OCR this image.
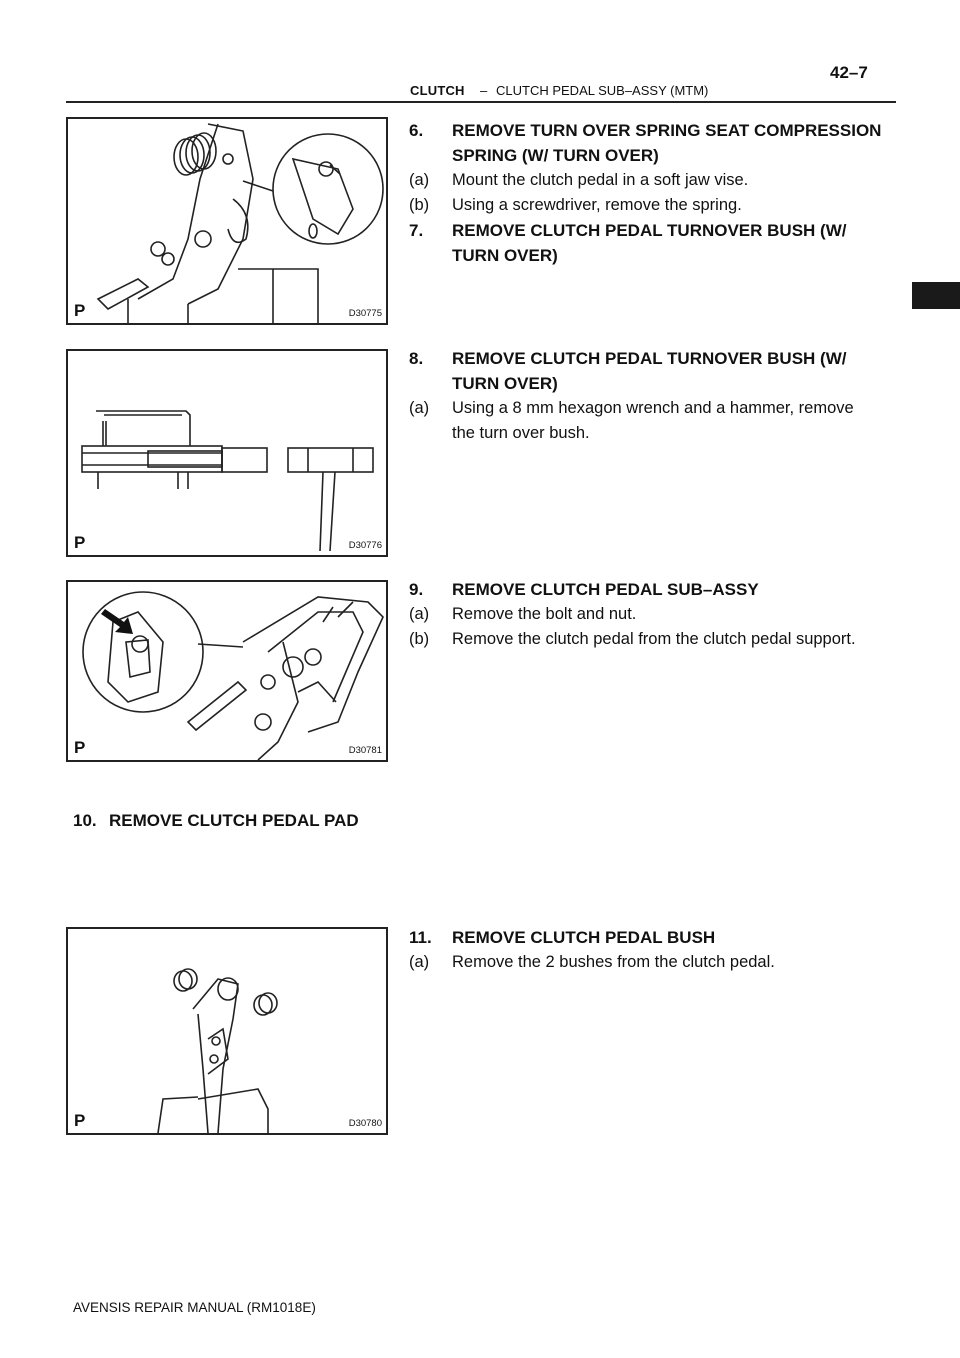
CLUTCH – CLUTCH PEDAL SUB–ASSY (MTM)
42–7
P	D30775
P	D30776
P	D30781
P	D30780
6. REMOVE TURN OVER SPRING SEAT COMPRESSION
SPRING (W/ TURN OVER)
(a) Mount the clutch pedal in a soft jaw vise.
(b) Using a screwdriver, remove the spring.
7. REMOVE CLUTCH PEDAL TURNOVER BUSH (W/
TURN OVER)
8. REMOVE CLUTCH PEDAL TURNOVER BUSH (W/
TURN OVER)
(a) Using a 8 mm hexagon wrench and a hammer, remove
the turn over bush.
9. REMOVE CLUTCH PEDAL SUB–ASSY
(a) Remove the bolt and nut.
(b) Remove the clutch pedal from the clutch pedal support.
10. REMOVE CLUTCH PEDAL PAD
11. REMOVE CLUTCH PEDAL BUSH
(a) Remove the 2 bushes from the clutch pedal.
AVENSIS REPAIR MANUAL (RM1018E)
